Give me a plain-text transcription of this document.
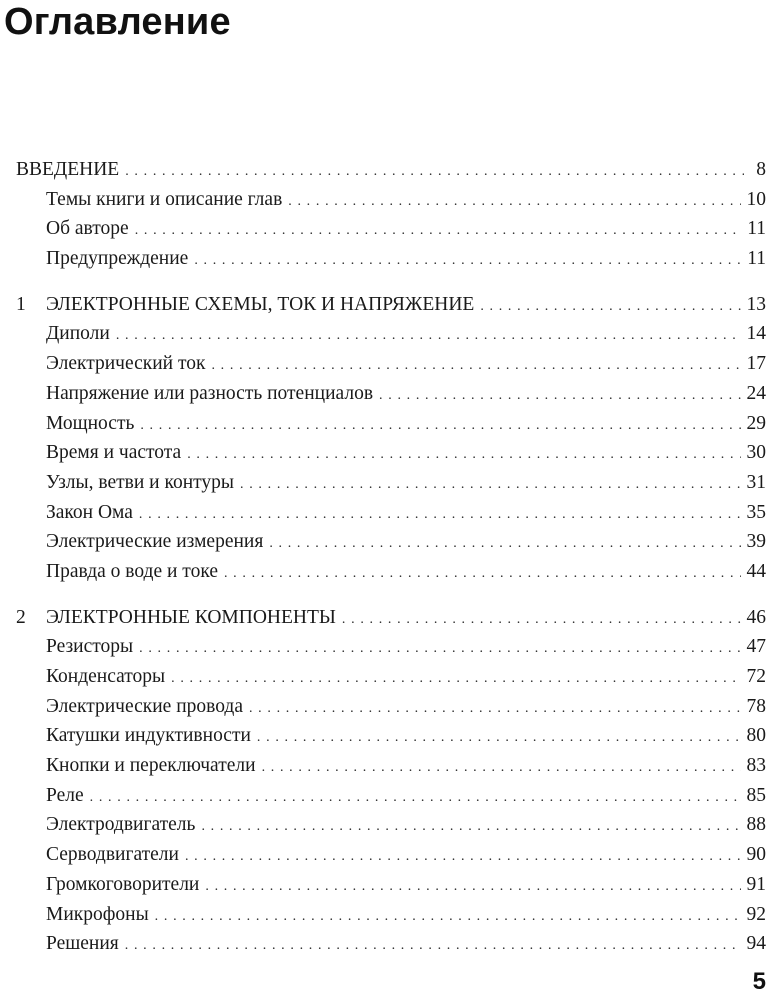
Оглавление
ВВЕДЕНИЕ . . .	8
Темы книги и описание глав . . .	10
Об авторе . . .	11
Предупреждение . . .	11
1	ЭЛЕКТРОННЫЕ СХЕМЫ, ТОК И НАПРЯЖЕНИЕ . . .	13
Диполи . . .	14
Электрический ток . . .	17
Напряжение или разность потенциалов . . .	24
Мощность . . .	29
Время и частота . . .	30
Узлы, ветви и контуры . . .	31
Закон Ома . . .	35
Электрические измерения . . .	39
Правда о воде и токе . . .	44
2	ЭЛЕКТРОННЫЕ КОМПОНЕНТЫ . . .	46
Резисторы . . .	47
Конденсаторы . . .	72
Электрические провода . . .	78
Катушки индуктивности . . .	80
Кнопки и переключатели . . .	83
Реле . . .	85
Электродвигатель . . .	88
Серводвигатели . . .	90
Громкоговорители . . .	91
Микрофоны . . .	92
Решения . . .	94
5
